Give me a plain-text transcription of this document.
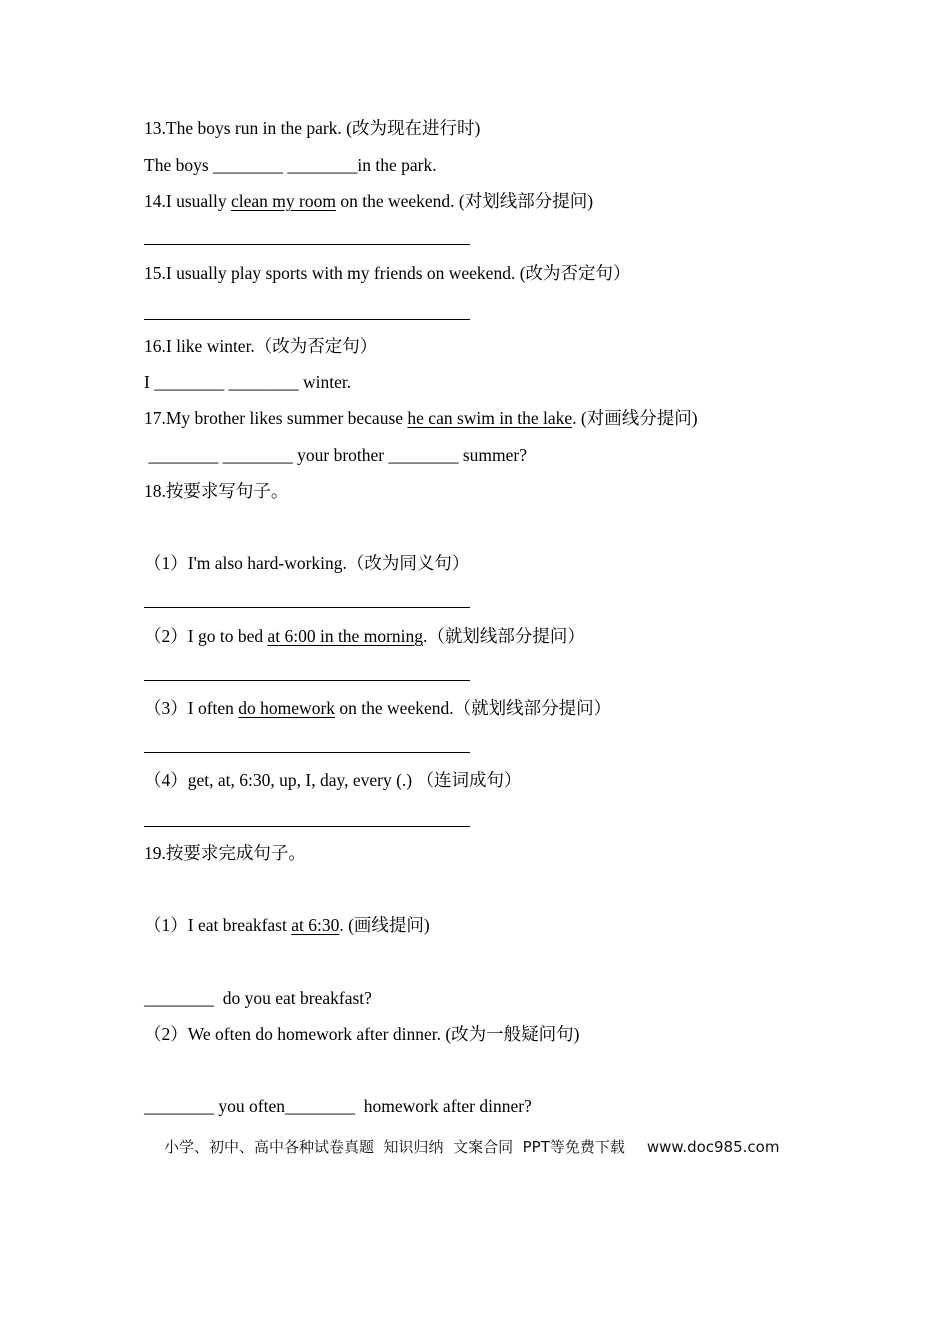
13.The boys run in the park. (改为现在进行时)
The boys ________ ________in the park.
14.I usually clean my room on the weekend. (对划线部分提问)
15.I usually play sports with my friends on weekend. (改为否定句）
16.I like winter.（改为否定句）
I ________ ________ winter.
17.My brother likes summer because he can swim in the lake. (对画线分提问)
________ ________ your brother ________ summer?
18.按要求写句子。
（1）I'm also hard-working.（改为同义句）
（2）I go to bed at 6:00 in the morning.（就划线部分提问）
（3）I often do homework on the weekend.（就划线部分提问）
（4）get, at, 6:30, up, I, day, every (.) （连词成句）
19.按要求完成句子。
（1）I eat breakfast at 6:30. (画线提问)
________  do you eat breakfast?
（2）We often do homework after dinner. (改为一般疑问句)
________ you often________  homework after dinner?
小学、初中、高中各种试卷真题  知识归纳  文案合同  PPT等免费下载 www.doc985.com
